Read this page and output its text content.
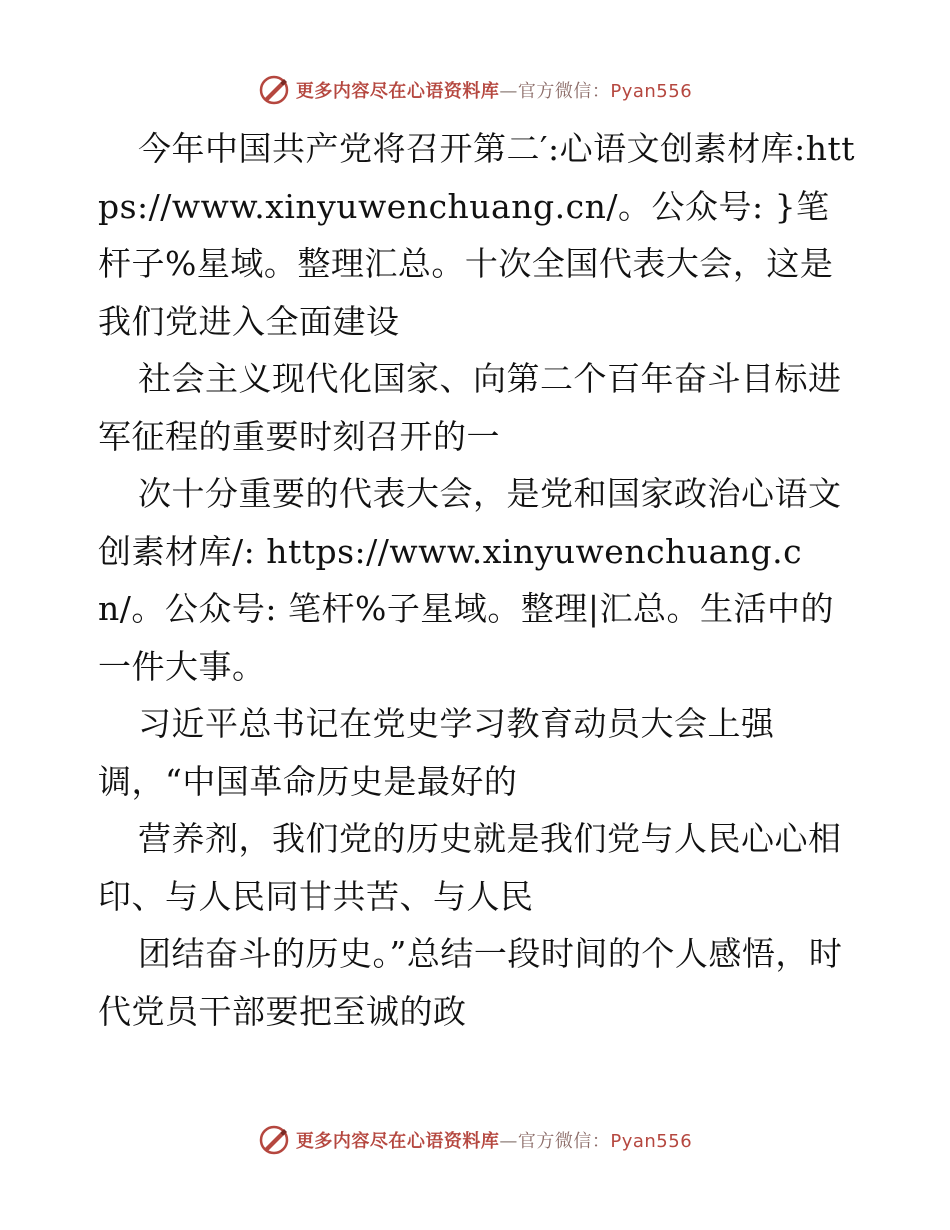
更多内容尽在心语资料库—官方微信：Pyan556

今年中国共产党将召开第二′:心语文创素材库:https://www.xinyuwenchuang.cn/。公众号: }笔杆子%星域。整理汇总。十次全国代表大会，这是我们党进入全面建设

社会主义现代化国家、向第二个百年奋斗目标进军征程的重要时刻召开的一

次十分重要的代表大会，是党和国家政治心语文创素材库/: https://www.xinyuwenchuang.cn/。公众号: 笔杆%子星域。整理|汇总。生活中的一件大事。

习近平总书记在党史学习教育动员大会上强调，“中国革命历史是最好的

营养剂，我们党的历史就是我们党与人民心心相印、与人民同甘共苦、与人民

团结奋斗的历史。”总结一段时间的个人感悟，时代党员干部要把至诚的政

更多内容尽在心语资料库—官方微信：Pyan556
